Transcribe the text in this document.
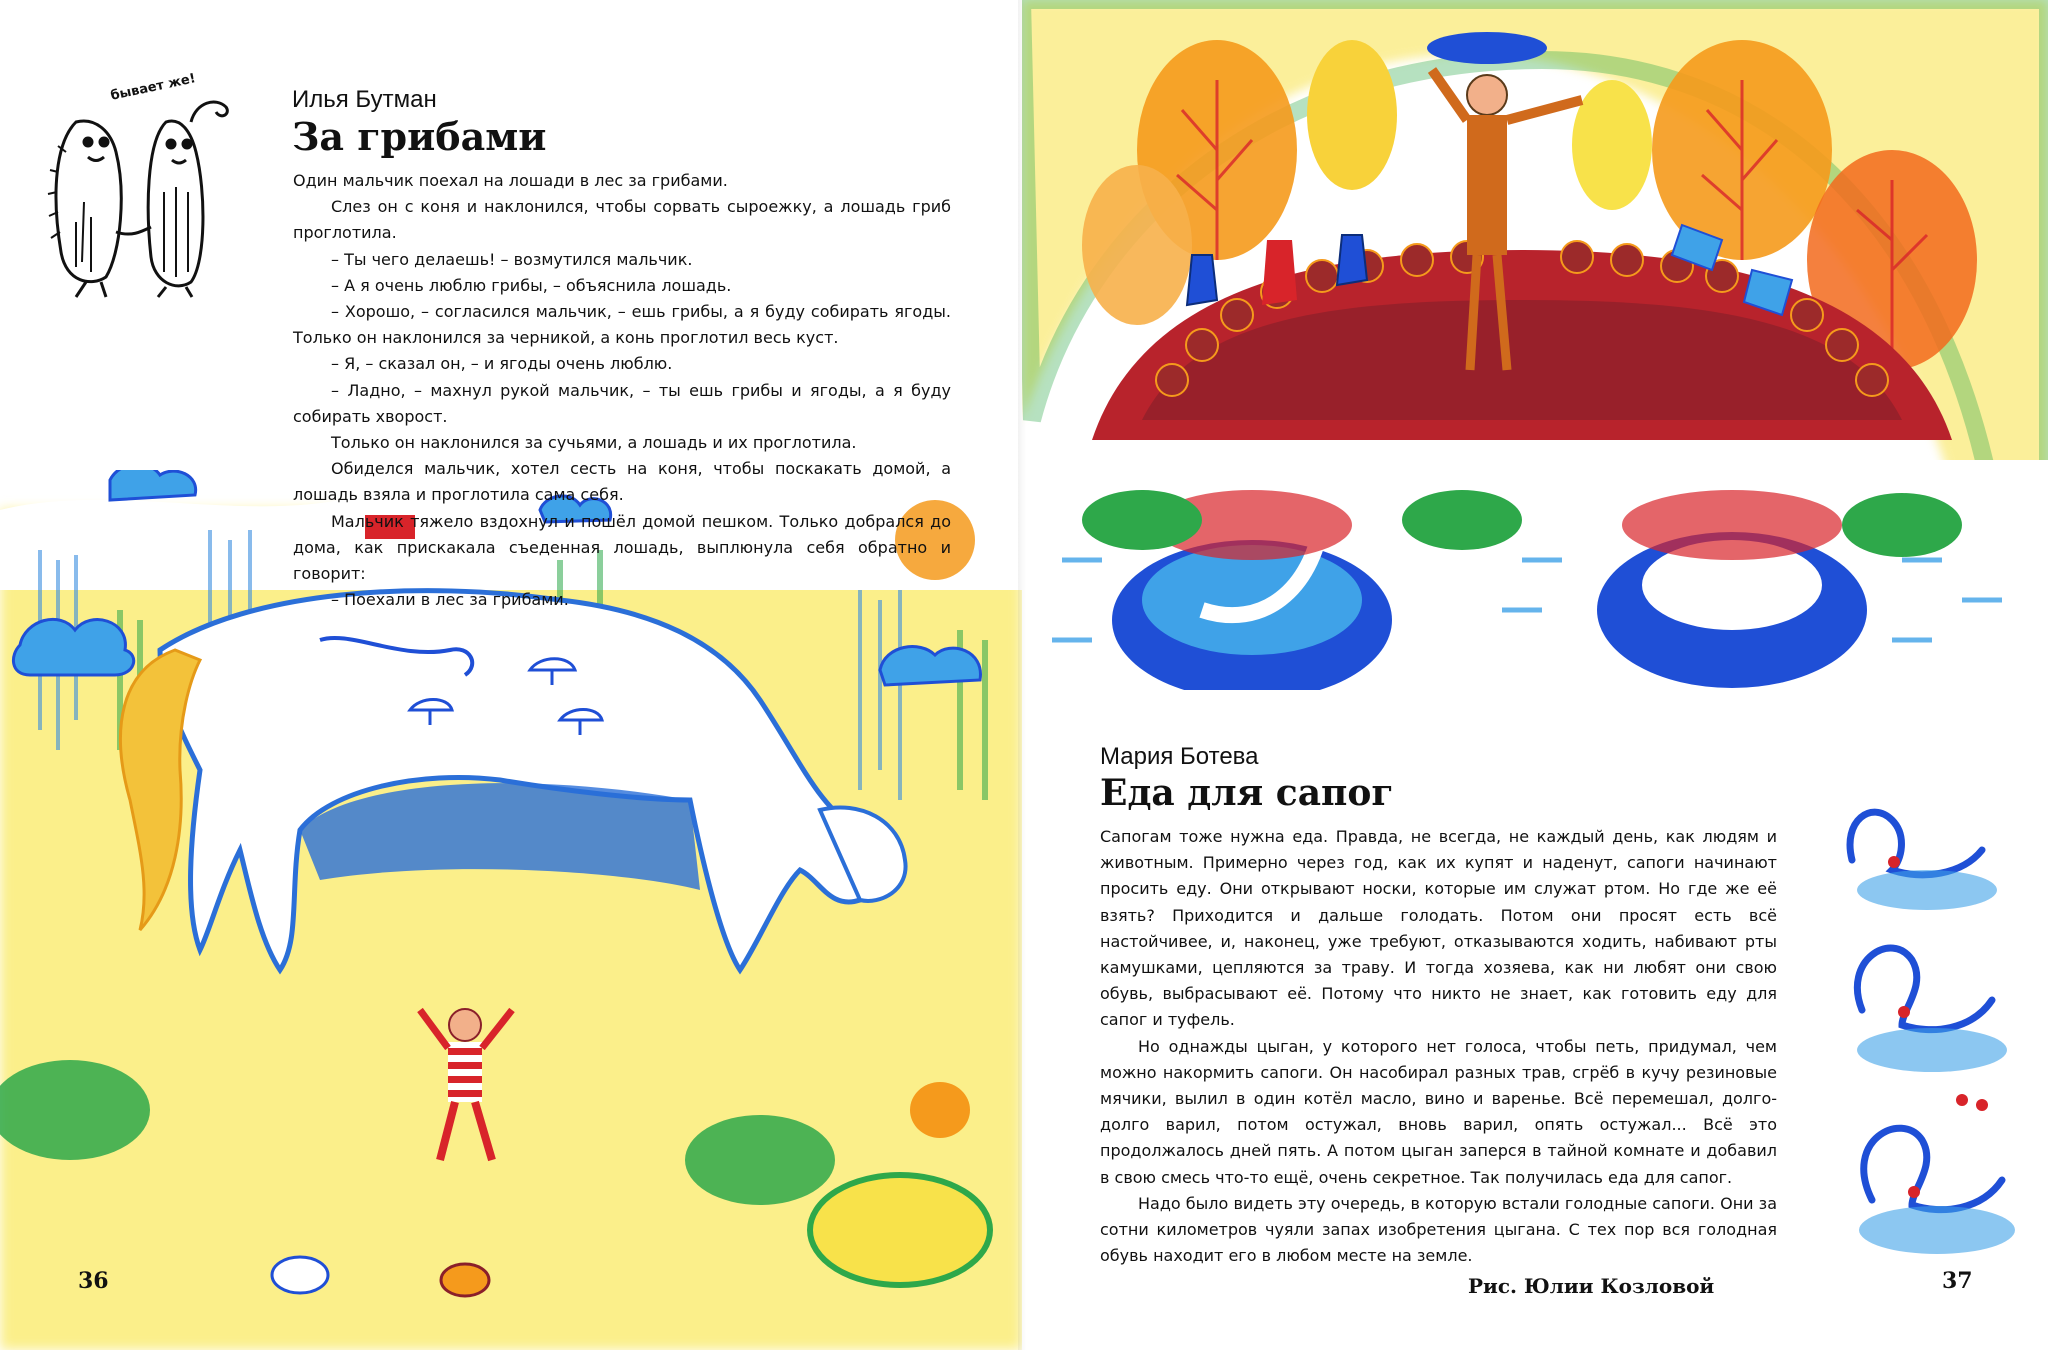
бывает же!	Илья Бутман
За грибами

Один мальчик поехал на лошади в лес за грибами.

Слез он с коня и наклонился, чтобы сорвать сыроежку, а лошадь гриб проглотила.

– Ты чего делаешь! – возмутился мальчик.

– А я очень люблю грибы, – объяснила лошадь.

– Хорошо, – согласился мальчик, – ешь грибы, а я буду собирать ягоды. Только он наклонился за черникой, а конь проглотил весь куст.

– Я, – сказал он, – и ягоды очень люблю.

– Ладно, – махнул рукой мальчик, – ты ешь грибы и ягоды, а я буду собирать хворост.

Только он наклонился за сучьями, а лошадь и их проглотила.

Обиделся мальчик, хотел сесть на коня, чтобы поскакать домой, а лошадь взяла и проглотила сама себя.

Мальчик тяжело вздохнул и пошёл домой пешком. Только добрался до дома, как прискакала съеденная лошадь, выплюнула себя обратно и говорит:

– Поехали в лес за грибами.

36
Мария Ботева
Еда для сапог

Сапогам тоже нужна еда. Правда, не всегда, не каждый день, как людям и животным. Примерно через год, как их купят и наденут, сапоги начинают просить еду. Они открывают носки, которые им служат ртом. Но где же её взять? Приходится и дальше голодать. Потом они просят есть всё настойчивее, и, наконец, уже требуют, отказываются ходить, набивают рты камушками, цепляются за траву. И тогда хозяева, как ни любят они свою обувь, выбрасывают её. Потому что никто не знает, как готовить еду для сапог и туфель.

Но однажды цыган, у которого нет голоса, чтобы петь, придумал, чем можно накормить сапоги. Он насобирал разных трав, сгрёб в кучу резиновые мячики, вылил в один котёл масло, вино и варенье. Всё перемешал, долго-долго варил, потом остужал, вновь варил, опять остужал... Всё это продолжалось дней пять. А потом цыган заперся в тайной комнате и добавил в свою смесь что-то ещё, очень секретное. Так получилась еда для сапог.

Надо было видеть эту очередь, в которую встали голодные сапоги. Они за сотни километров чуяли запах изобретения цыгана. С тех пор вся голодная обувь находит его в любом месте на земле.

Рис. Юлии Козловой	37
